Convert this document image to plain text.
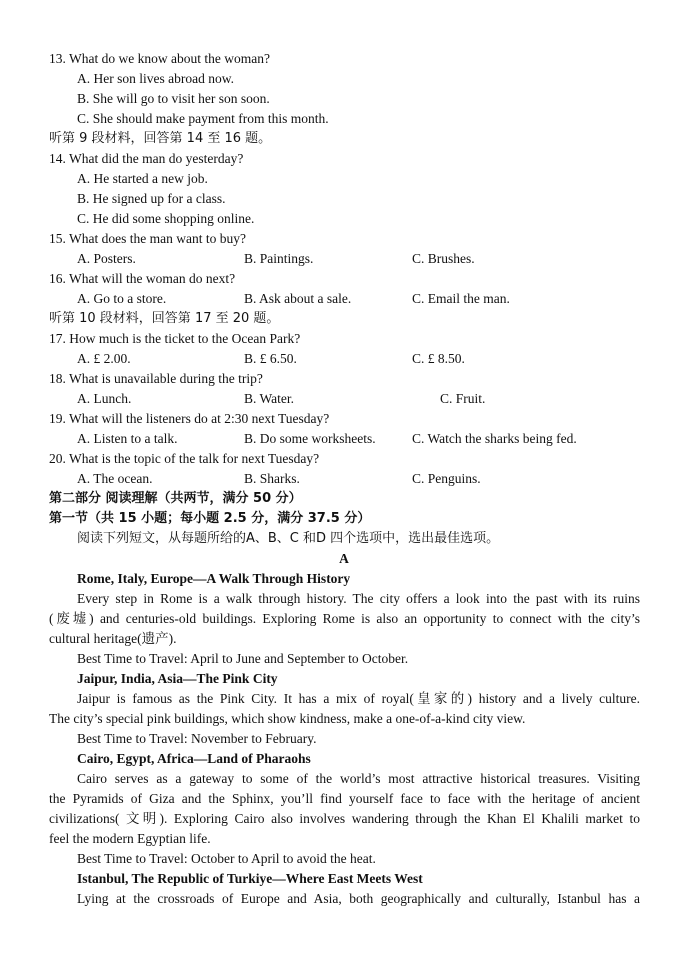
13. What do we know about the woman?
A. Her son lives abroad now.
B. She will go to visit her son soon.
C. She should make payment from this month.
听第 9 段材料，回答第 14 至 16 题。
14. What did the man do yesterday?
A. He started a new job.
B. He signed up for a class.
C. He did some shopping online.
15. What does the man want to buy?
A. Posters.	B. Paintings.	C. Brushes.
16. What will the woman do next?
A. Go to a store.	B. Ask about a sale.	C. Email the man.
听第 10 段材料，回答第 17 至 20 题。
17. How much is the ticket to the Ocean Park?
A. £ 2.00.	B. £ 6.50.	C. £ 8.50.
18. What is unavailable during the trip?
A. Lunch.	B. Water.	C. Fruit.
19. What will the listeners do at 2:30 next Tuesday?
A. Listen to a talk.	B. Do some worksheets.	C. Watch the sharks being fed.
20. What is the topic of the talk for next Tuesday?
A. The ocean.	B. Sharks.	C. Penguins.
第二部分 阅读理解（共两节，满分 50 分）
第一节（共 15 小题；每小题 2.5 分，满分 37.5 分）
阅读下列短文，从每题所给的A、B、C 和D 四个选项中，选出最佳选项。
A
Rome, Italy, Europe—A Walk Through History
Every step in Rome is a walk through history. The city offers a look into the past with its ruins
(废墟) and centuries-old buildings. Exploring Rome is also an opportunity to connect with the city’s
cultural heritage(遗产).
Best Time to Travel: April to June and September to October.
Jaipur, India, Asia—The Pink City
Jaipur is famous as the Pink City. It has a mix of royal(皇家的) history and a lively culture.
The city’s special pink buildings, which show kindness, make a one-of-a-kind city view.
Best Time to Travel: November to February.
Cairo, Egypt, Africa—Land of Pharaohs
Cairo serves as a gateway to some of the world’s most attractive historical treasures. Visiting
the Pyramids of Giza and the Sphinx, you’ll find yourself face to face with the heritage of ancient
civilizations( 文明). Exploring Cairo also involves wandering through the Khan El Khalili market to
feel the modern Egyptian life.
Best Time to Travel: October to April to avoid the heat.
Istanbul, The Republic of Turkiye—Where East Meets West
Lying at the crossroads of Europe and Asia, both geographically and culturally, Istanbul has a
